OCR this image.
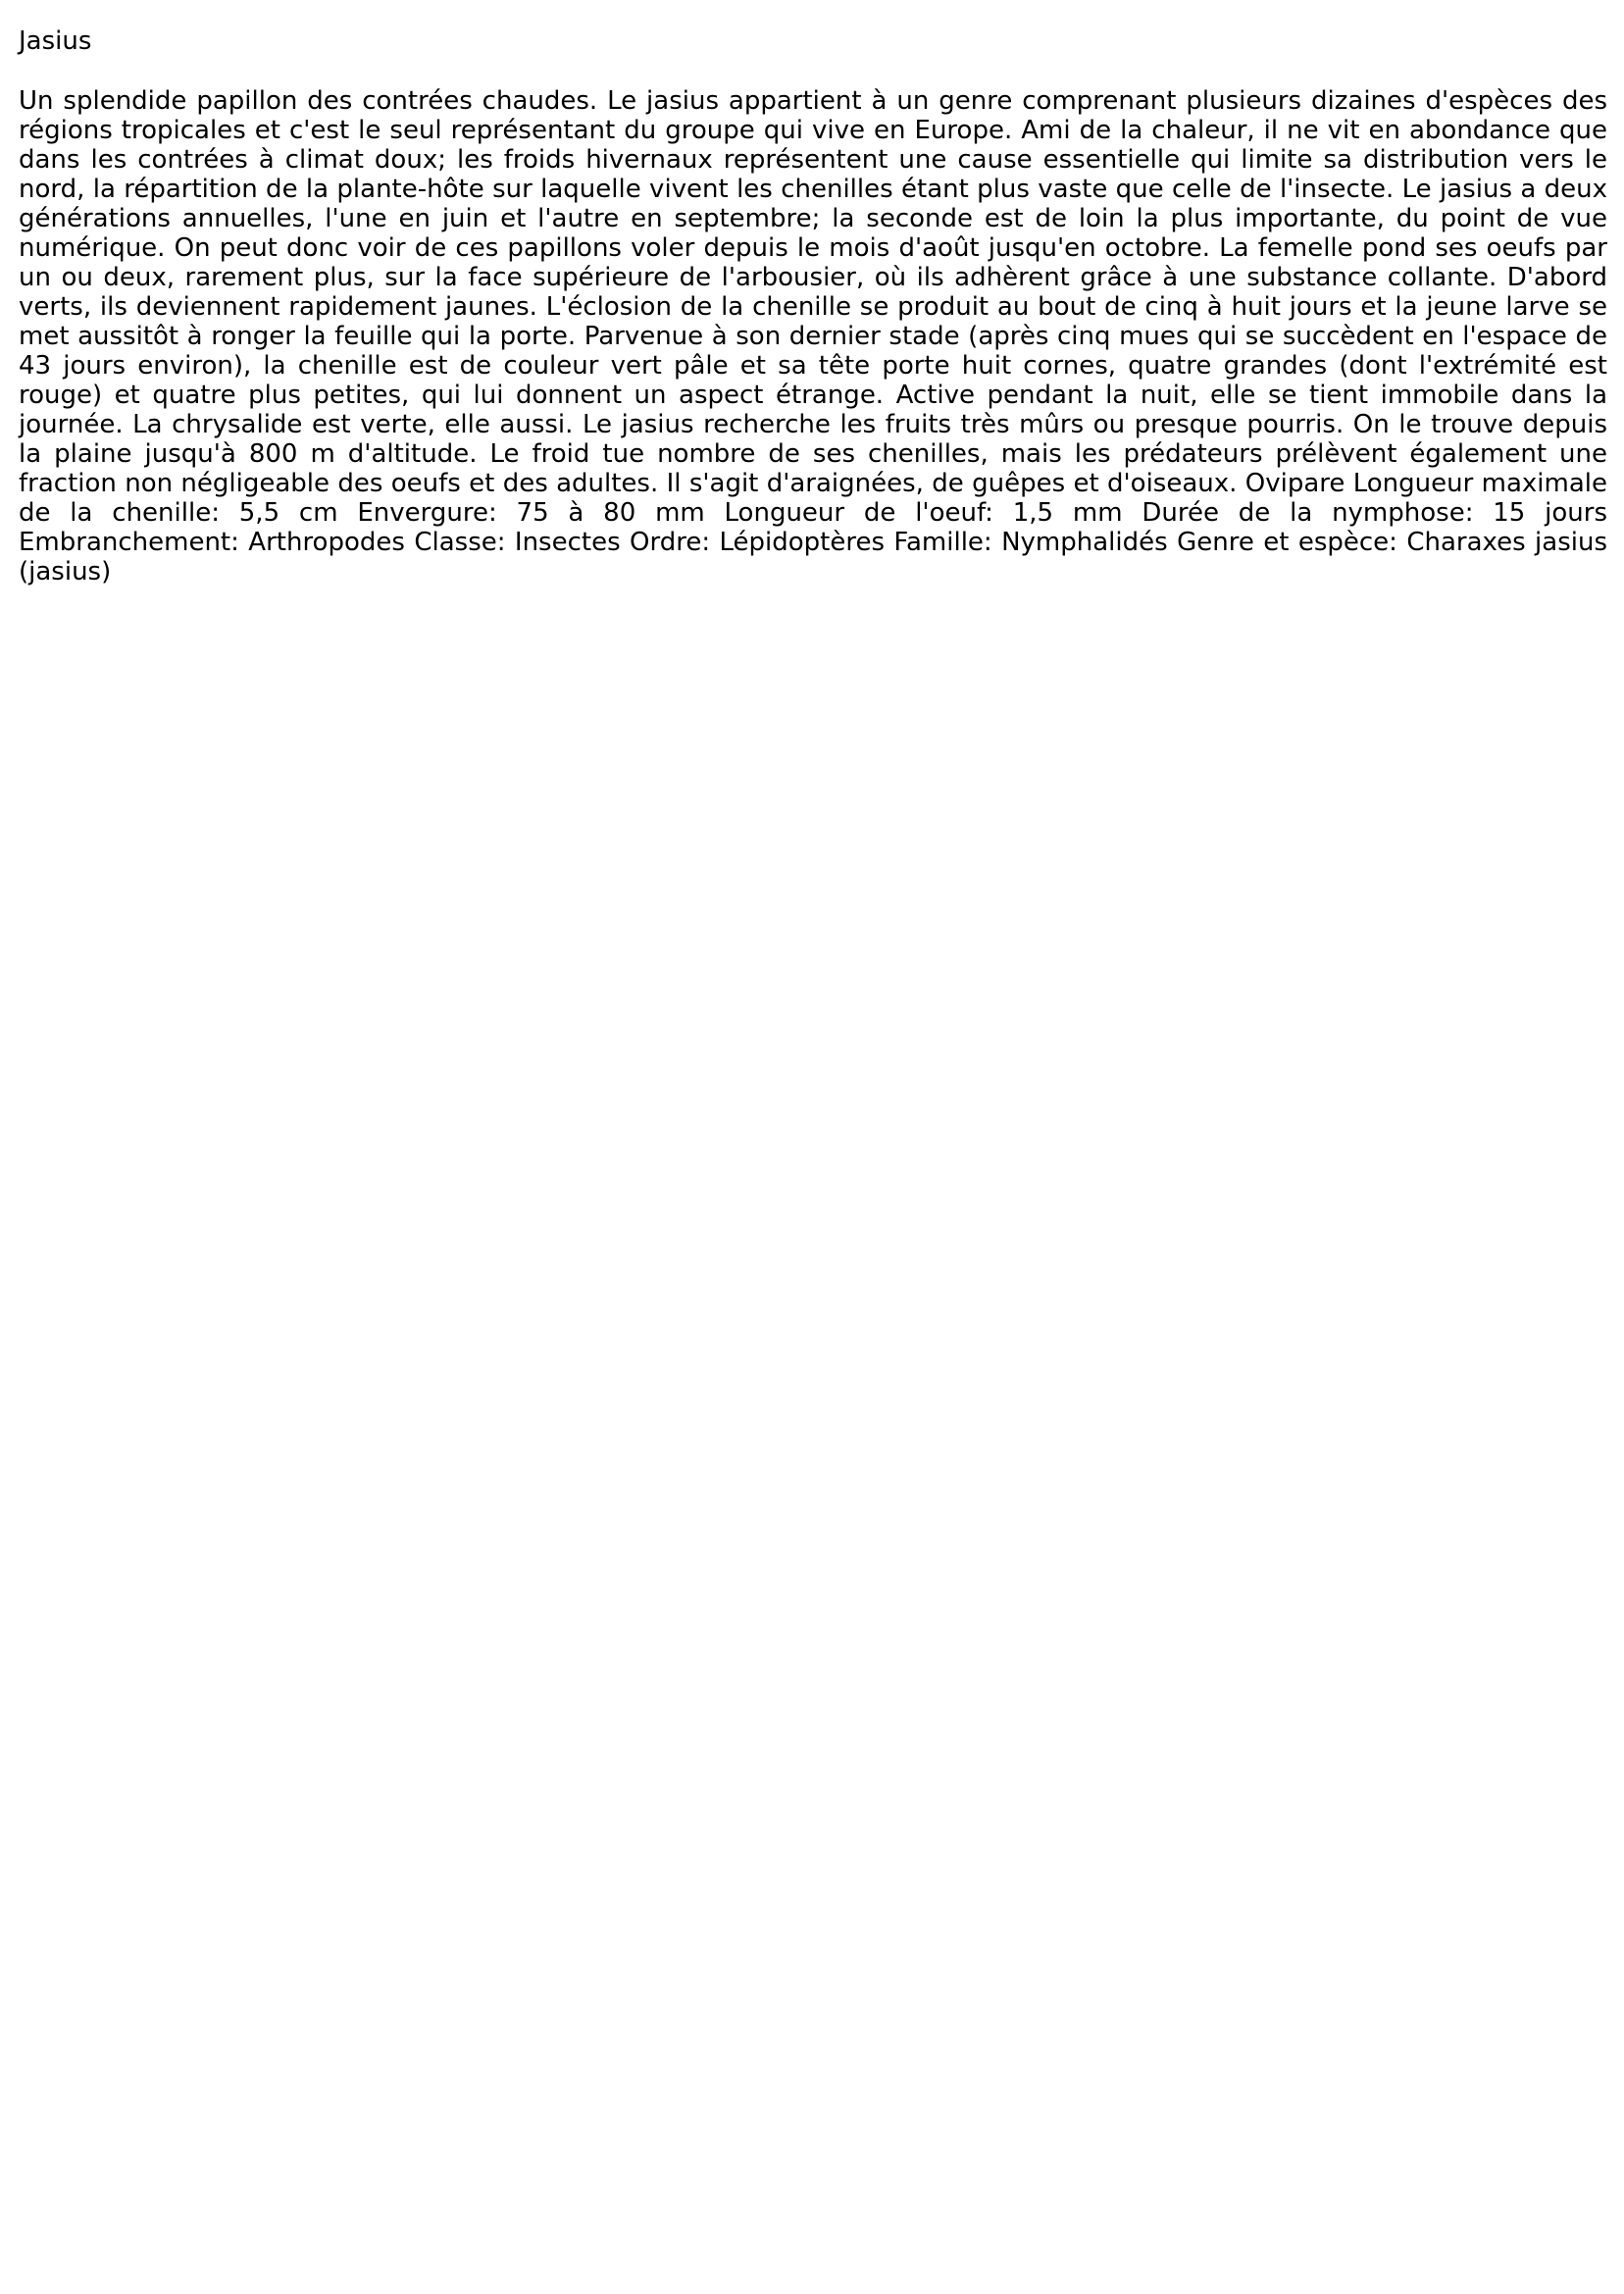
Jasius

Un splendide papillon des contrées chaudes. Le jasius appartient à un genre comprenant plusieurs dizaines d'espèces des régions tropicales et c'est le seul représentant du groupe qui vive en Europe. Ami de la chaleur, il ne vit en abondance que dans les contrées à climat doux; les froids hivernaux représentent une cause essentielle qui limite sa distribution vers le nord, la répartition de la plante-hôte sur laquelle vivent les chenilles étant plus vaste que celle de l'insecte. Le jasius a deux générations annuelles, l'une en juin et l'autre en septembre; la seconde est de loin la plus importante, du point de vue numérique. On peut donc voir de ces papillons voler depuis le mois d'août jusqu'en octobre. La femelle pond ses oeufs par un ou deux, rarement plus, sur la face supérieure de l'arbousier, où ils adhèrent grâce à une substance collante. D'abord verts, ils deviennent rapidement jaunes. L'éclosion de la chenille se produit au bout de cinq à huit jours et la jeune larve se met aussitôt à ronger la feuille qui la porte. Parvenue à son dernier stade (après cinq mues qui se succèdent en l'espace de 43 jours environ), la chenille est de couleur vert pâle et sa tête porte huit cornes, quatre grandes (dont l'extrémité est rouge) et quatre plus petites, qui lui donnent un aspect étrange. Active pendant la nuit, elle se tient immobile dans la journée. La chrysalide est verte, elle aussi. Le jasius recherche les fruits très mûrs ou presque pourris. On le trouve depuis la plaine jusqu'à 800 m d'altitude. Le froid tue nombre de ses chenilles, mais les prédateurs prélèvent également une fraction non négligeable des oeufs et des adultes. Il s'agit d'araignées, de guêpes et d'oiseaux. Ovipare Longueur maximale de la chenille: 5,5 cm Envergure: 75 à 80 mm Longueur de l'oeuf: 1,5 mm Durée de la nymphose: 15 jours Embranchement: Arthropodes Classe: Insectes Ordre: Lépidoptères Famille: Nymphalidés Genre et espèce: Charaxes jasius (jasius)
